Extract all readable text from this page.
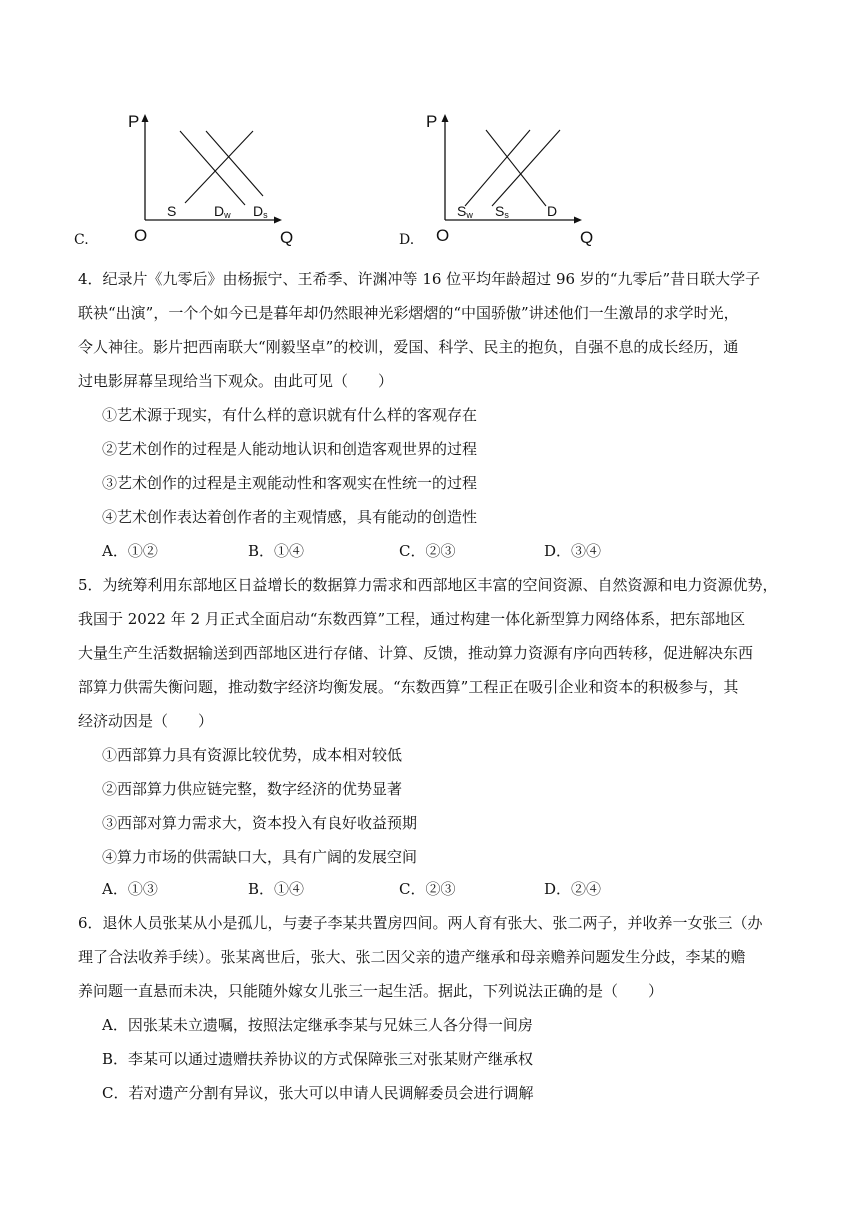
C.
P
Q
O
S	$D_w$ $D_s$
D.
P
Q
O
$S_w$ $S_s$	D
4．纪录片《九零后》由杨振宁、王希季、许渊冲等 16 位平均年龄超过 96 岁的“九零后”昔日联大学子
联袂“出演”，一个个如今已是暮年却仍然眼神光彩熠熠的“中国骄傲”讲述他们一生激昂的求学时光，
令人神往。影片把西南联大“刚毅坚卓”的校训，爱国、科学、民主的抱负，自强不息的成长经历，通
过电影屏幕呈现给当下观众。由此可见（　　）
①艺术源于现实，有什么样的意识就有什么样的客观存在
②艺术创作的过程是人能动地认识和创造客观世界的过程
③艺术创作的过程是主观能动性和客观实在性统一的过程
④艺术创作表达着创作者的主观情感，具有能动的创造性
A．①②	B．①④	C．②③	D．③④
5．为统筹利用东部地区日益增长的数据算力需求和西部地区丰富的空间资源、自然资源和电力资源优势，
我国于 2022 年 2 月正式全面启动“东数西算”工程，通过构建一体化新型算力网络体系，把东部地区
大量生产生活数据输送到西部地区进行存储、计算、反馈，推动算力资源有序向西转移，促进解决东西
部算力供需失衡问题，推动数字经济均衡发展。“东数西算”工程正在吸引企业和资本的积极参与，其
经济动因是（　　）
①西部算力具有资源比较优势，成本相对较低
②西部算力供应链完整，数字经济的优势显著
③西部对算力需求大，资本投入有良好收益预期
④算力市场的供需缺口大，具有广阔的发展空间
A．①③	B．①④	C．②③	D．②④
6．退休人员张某从小是孤儿，与妻子李某共置房四间。两人育有张大、张二两子，并收养一女张三（办
理了合法收养手续）。张某离世后，张大、张二因父亲的遗产继承和母亲赡养问题发生分歧，李某的赡
养问题一直悬而未决，只能随外嫁女儿张三一起生活。据此，下列说法正确的是（　　）
A．因张某未立遗嘱，按照法定继承李某与兄妹三人各分得一间房
B．李某可以通过遗赠扶养协议的方式保障张三对张某财产继承权
C．若对遗产分割有异议，张大可以申请人民调解委员会进行调解
